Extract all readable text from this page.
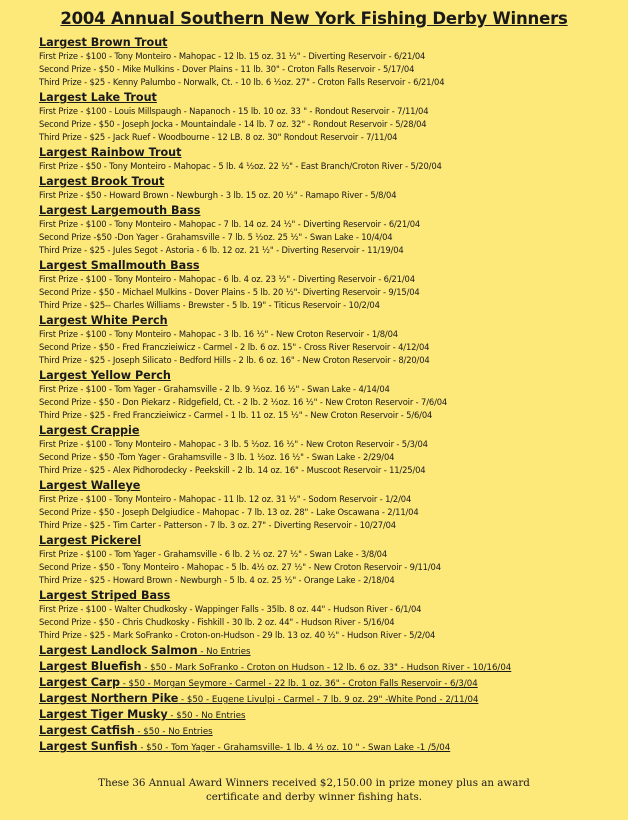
2004 Annual Southern New York Fishing Derby Winners
Largest Brown Trout
First Prize - $100 - Tony Monteiro - Mahopac - 12 lb. 15 oz. 31 ½" - Diverting Reservoir - 6/21/04
Second Prize - $50 - Mike Mulkins - Dover Plains - 11 lb. 30" - Croton Falls Reservoir - 5/17/04
Third Prize - $25 - Kenny Palumbo - Norwalk, Ct. - 10 lb. 6 ½oz. 27" - Croton Falls Reservoir - 6/21/04
Largest Lake Trout
First Prize - $100 - Louis Millspaugh - Napanoch - 15 lb. 10 oz. 33 " - Rondout Reservoir - 7/11/04
Second Prize - $50 - Joseph Jocka - Mountaindale - 14 lb. 7 oz. 32" - Rondout Reservoir - 5/28/04
Third Prize - $25 - Jack Ruef - Woodbourne - 12 LB. 8 oz. 30" Rondout Reservoir - 7/11/04
Largest Rainbow Trout
First Prize - $50 - Tony Monteiro - Mahopac - 5 lb. 4 ½oz. 22 ½" - East Branch/Croton River - 5/20/04
Largest Brook Trout
First Prize - $50 - Howard Brown - Newburgh - 3 lb. 15 oz. 20 ½" - Ramapo River - 5/8/04
Largest Largemouth Bass
First Prize - $100 - Tony Monteiro - Mahopac - 7 lb. 14 oz. 24 ½" - Diverting Reservoir - 6/21/04
Second Prize -$50 -Don Yager - Grahamsville - 7 lb. 5 ½oz. 25 ½" - Swan Lake - 10/4/04
Third Prize - $25 - Jules Segot - Astoria - 6 lb. 12 oz. 21 ½" - Diverting Reservoir - 11/19/04
Largest Smallmouth Bass
First Prize - $100 - Tony Monteiro - Mahopac - 6 lb. 4 oz. 23 ½" - Diverting Reservoir - 6/21/04
Second Prize - $50 - Michael Mulkins - Dover Plains - 5 lb. 20 ½"- Diverting Reservoir - 9/15/04
Third Prize - $25-- Charles Williams - Brewster - 5 lb. 19" - Titicus Reservoir - 10/2/04
Largest White Perch
First Prize - $100 - Tony Monteiro - Mahopac - 3 lb. 16 ½" - New Croton Reservoir - 1/8/04
Second Prize - $50 - Fred Franczieiwicz - Carmel - 2 lb. 6 oz. 15" - Cross River Reservoir - 4/12/04
Third Prize - $25 - Joseph Silicato - Bedford Hills - 2 lb. 6 oz. 16" - New Croton Reservoir - 8/20/04
Largest Yellow Perch
First Prize - $100 - Tom Yager - Grahamsville - 2 lb. 9 ½oz. 16 ½" - Swan Lake - 4/14/04
Second Prize - $50 - Don Piekarz - Ridgefield, Ct. - 2 lb. 2 ½oz. 16 ½" - New Croton Reservoir - 7/6/04
Third Prize - $25 - Fred Franczieiwicz - Carmel - 1 lb. 11 oz. 15 ½" - New Croton Reservoir - 5/6/04
Largest Crappie
First Prize - $100 - Tony Monteiro - Mahopac - 3 lb. 5 ½oz. 16 ½" - New Croton Reservoir - 5/3/04
Second Prize - $50 -Tom Yager - Grahamsville - 3 lb. 1 ½oz. 16 ½" - Swan Lake - 2/29/04
Third Prize - $25 - Alex Pidhorodecky - Peekskill - 2 lb. 14 oz. 16" - Muscoot Reservoir - 11/25/04
Largest Walleye
First Prize - $100 - Tony Monteiro - Mahopac - 11 lb. 12 oz. 31 ½" - Sodom Reservoir - 1/2/04
Second Prize - $50 - Joseph Delgiudice - Mahopac - 7 lb. 13 oz. 28" - Lake Oscawana - 2/11/04
Third Prize - $25 - Tim Carter - Patterson - 7 lb. 3 oz. 27" - Diverting Reservoir - 10/27/04
Largest Pickerel
First Prize - $100 - Tom Yager - Grahamsville - 6 lb. 2 ½ oz. 27 ½" - Swan Lake - 3/8/04
Second Prize - $50 - Tony Monteiro - Mahopac - 5 lb. 4½ oz. 27 ½" - New Croton Reservoir - 9/11/04
Third Prize - $25 - Howard Brown - Newburgh - 5 lb. 4 oz. 25 ½" - Orange Lake - 2/18/04
Largest Striped Bass
First Prize - $100 - Walter Chudkosky - Wappinger Falls - 35lb. 8 oz. 44" - Hudson River - 6/1/04
Second Prize - $50 - Chris Chudkosky - Fishkill - 30 lb. 2 oz. 44" - Hudson River - 5/16/04
Third Prize - $25 - Mark SoFranko - Croton-on-Hudson - 29 lb. 13 oz. 40 ½" - Hudson River - 5/2/04
Largest Landlock Salmon - No Entries
Largest Bluefish - $50 - Mark SoFranko - Croton on Hudson - 12 lb. 6 oz. 33" - Hudson River - 10/16/04
Largest Carp - $50 - Morgan Seymore - Carmel - 22 lb. 1 oz. 36" - Croton Falls Reservoir - 6/3/04
Largest Northern Pike - $50 - Eugene Livulpi - Carmel - 7 lb. 9 oz. 29" -White Pond - 2/11/04
Largest Tiger Musky - $50 - No Entries
Largest Catfish - $50 - No Entries
Largest Sunfish - $50 - Tom Yager - Grahamsville- 1 lb. 4 ½ oz. 10 " - Swan Lake -1 /5/04
These 36 Annual Award Winners received $2,150.00 in prize money plus an award
certificate and derby winner fishing hats.
